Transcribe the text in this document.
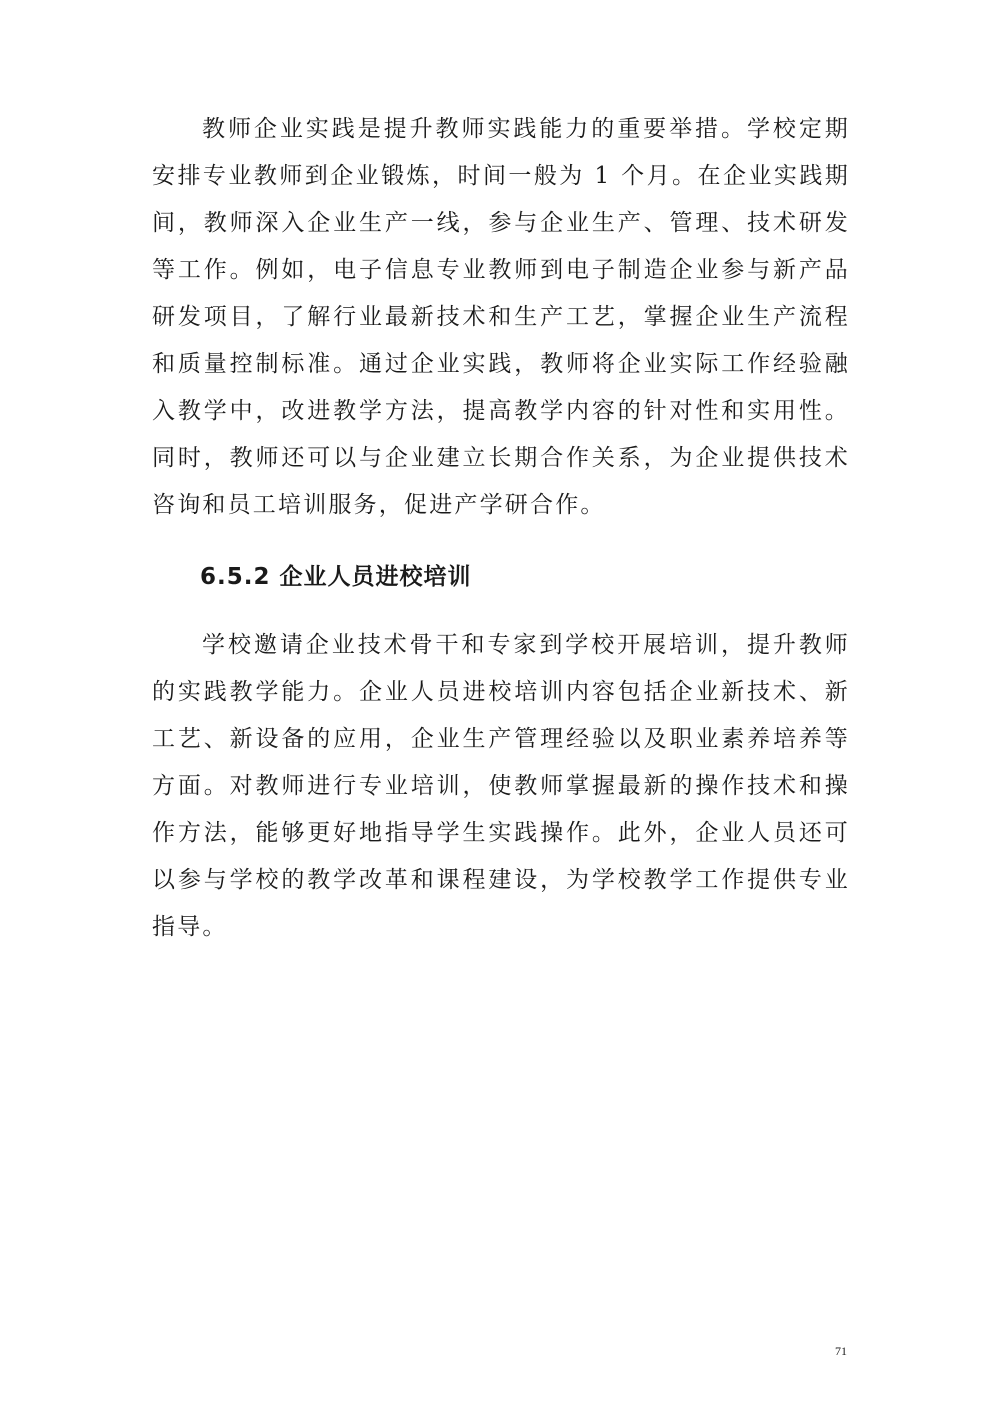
教师企业实践是提升教师实践能力的重要举措。学校定期安排专业教师到企业锻炼，时间一般为 1 个月。在企业实践期间，教师深入企业生产一线，参与企业生产、管理、技术研发等工作。例如，电子信息专业教师到电子制造企业参与新产品研发项目，了解行业最新技术和生产工艺，掌握企业生产流程和质量控制标准。通过企业实践，教师将企业实际工作经验融入教学中，改进教学方法，提高教学内容的针对性和实用性。同时，教师还可以与企业建立长期合作关系，为企业提供技术咨询和员工培训服务，促进产学研合作。

6.5.2 企业人员进校培训

学校邀请企业技术骨干和专家到学校开展培训，提升教师的实践教学能力。企业人员进校培训内容包括企业新技术、新工艺、新设备的应用，企业生产管理经验以及职业素养培养等方面。对教师进行专业培训，使教师掌握最新的操作技术和操作方法，能够更好地指导学生实践操作。此外，企业人员还可以参与学校的教学改革和课程建设，为学校教学工作提供专业指导。

71
